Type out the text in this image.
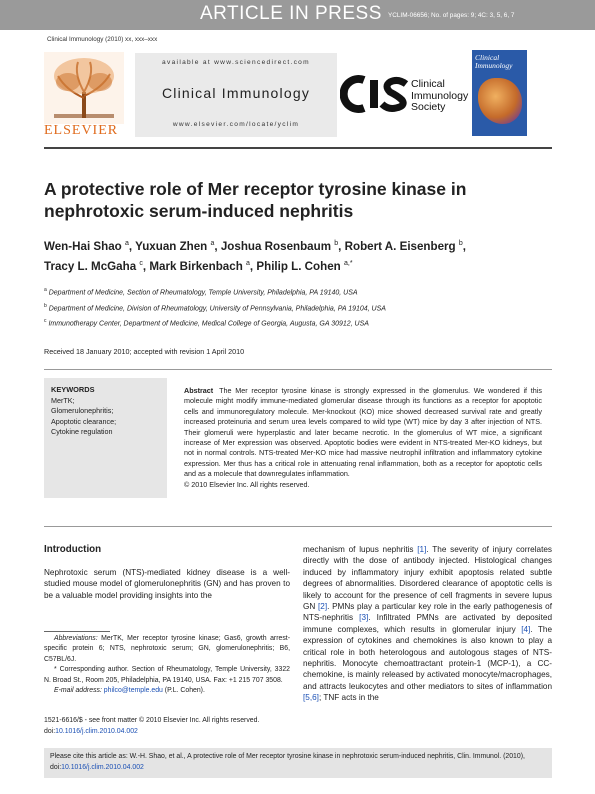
ARTICLE IN PRESS YCLIM-06656; No. of pages: 9; 4C: 3, 5, 6, 7
Clinical Immunology (2010) xx, xxx–xxx
ELSEVIER
available at www.sciencedirect.com
Clinical Immunology
www.elsevier.com/locate/yclim
Clinical
Immunology
Society
Clinical Immunology
A protective role of Mer receptor tyrosine kinase in nephrotoxic serum-induced nephritis
Wen-Hai Shao $^a$, Yuxuan Zhen $^a$, Joshua Rosenbaum $^b$, Robert A. Eisenberg $^b$,
Tracy L. McGaha $^c$, Mark Birkenbach $^a$, Philip L. Cohen $^{a,*}$
$^a$ Department of Medicine, Section of Rheumatology, Temple University, Philadelphia, PA 19140, USA
$^b$ Department of Medicine, Division of Rheumatology, University of Pennsylvania, Philadelphia, PA 19104, USA
$^c$ Immunotherapy Center, Department of Medicine, Medical College of Georgia, Augusta, GA 30912, USA
Received 18 January 2010; accepted with revision 1 April 2010
KEYWORDS
MerTK;
Glomerulonephritis;
Apoptotic clearance;
Cytokine regulation

Abstract The Mer receptor tyrosine kinase is strongly expressed in the glomerulus. We wondered if this molecule might modify immune-mediated glomerular disease through its functions as a receptor for apoptotic cells and immunoregulatory molecule. Mer-knockout (KO) mice showed decreased survival rate and greatly increased proteinuria and serum urea levels compared to wild type (WT) mice by day 3 after injection of NTS. Their glomeruli were hyperplastic and later became necrotic. In the glomerulus of WT mice, a significant increase of Mer expression was observed. Apoptotic bodies were evident in NTS-treated Mer-KO kidneys, but not in normal controls. NTS-treated Mer-KO mice had massive neutrophil infiltration and inflammatory cytokine expression. Mer thus has a critical role in attenuating renal inflammation, both as a receptor for apoptotic cells and as a molecule that downregulates inflammation.

© 2010 Elsevier Inc. All rights reserved.

Introduction

Nephrotoxic serum (NTS)-mediated kidney disease is a well-studied mouse model of glomerulonephritis (GN) and has proven to be a valuable model providing insights into the

mechanism of lupus nephritis [1]. The severity of injury correlates directly with the dose of antibody injected. Histological changes induced by inflammatory injury exhibit apoptosis related subtle degrees of abnormalities. Disordered clearance of apoptotic cells is likely to account for the presence of cell fragments in severe lupus GN [2]. PMNs play a particular key role in the early pathogenesis of NTS-nephritis [3]. Infiltrated PMNs are activated by deposited immune complexes, which results in glomerular injury [4]. The expression of cytokines and chemokines is also known to play a critical role in both heterologous and autologous stages of NTS-nephritis. Monocyte chemoattractant protein-1 (MCP-1), a CC-chemokine, is mainly released by activated monocyte/macrophages, and attracts leukocytes and other mediators to sites of inflammation [5,6]; TNF acts in the

Abbreviations: MerTK, Mer receptor tyrosine kinase; Gas6, growth arrest-specific protein 6; NTS, nephrotoxic serum; GN, glomerulonephritis; B6, C57BL/6J.

* Corresponding author. Section of Rheumatology, Temple University, 3322 N. Broad St., Room 205, Philadelphia, PA 19140, USA. Fax: +1 215 707 3508.

E-mail address: philco@temple.edu (P.L. Cohen).

1521-6616/$ - see front matter © 2010 Elsevier Inc. All rights reserved.
doi:10.1016/j.clim.2010.04.002
Please cite this article as: W.-H. Shao, et al., A protective role of Mer receptor tyrosine kinase in nephrotoxic serum-induced nephritis, Clin. Immunol. (2010), doi:10.1016/j.clim.2010.04.002
